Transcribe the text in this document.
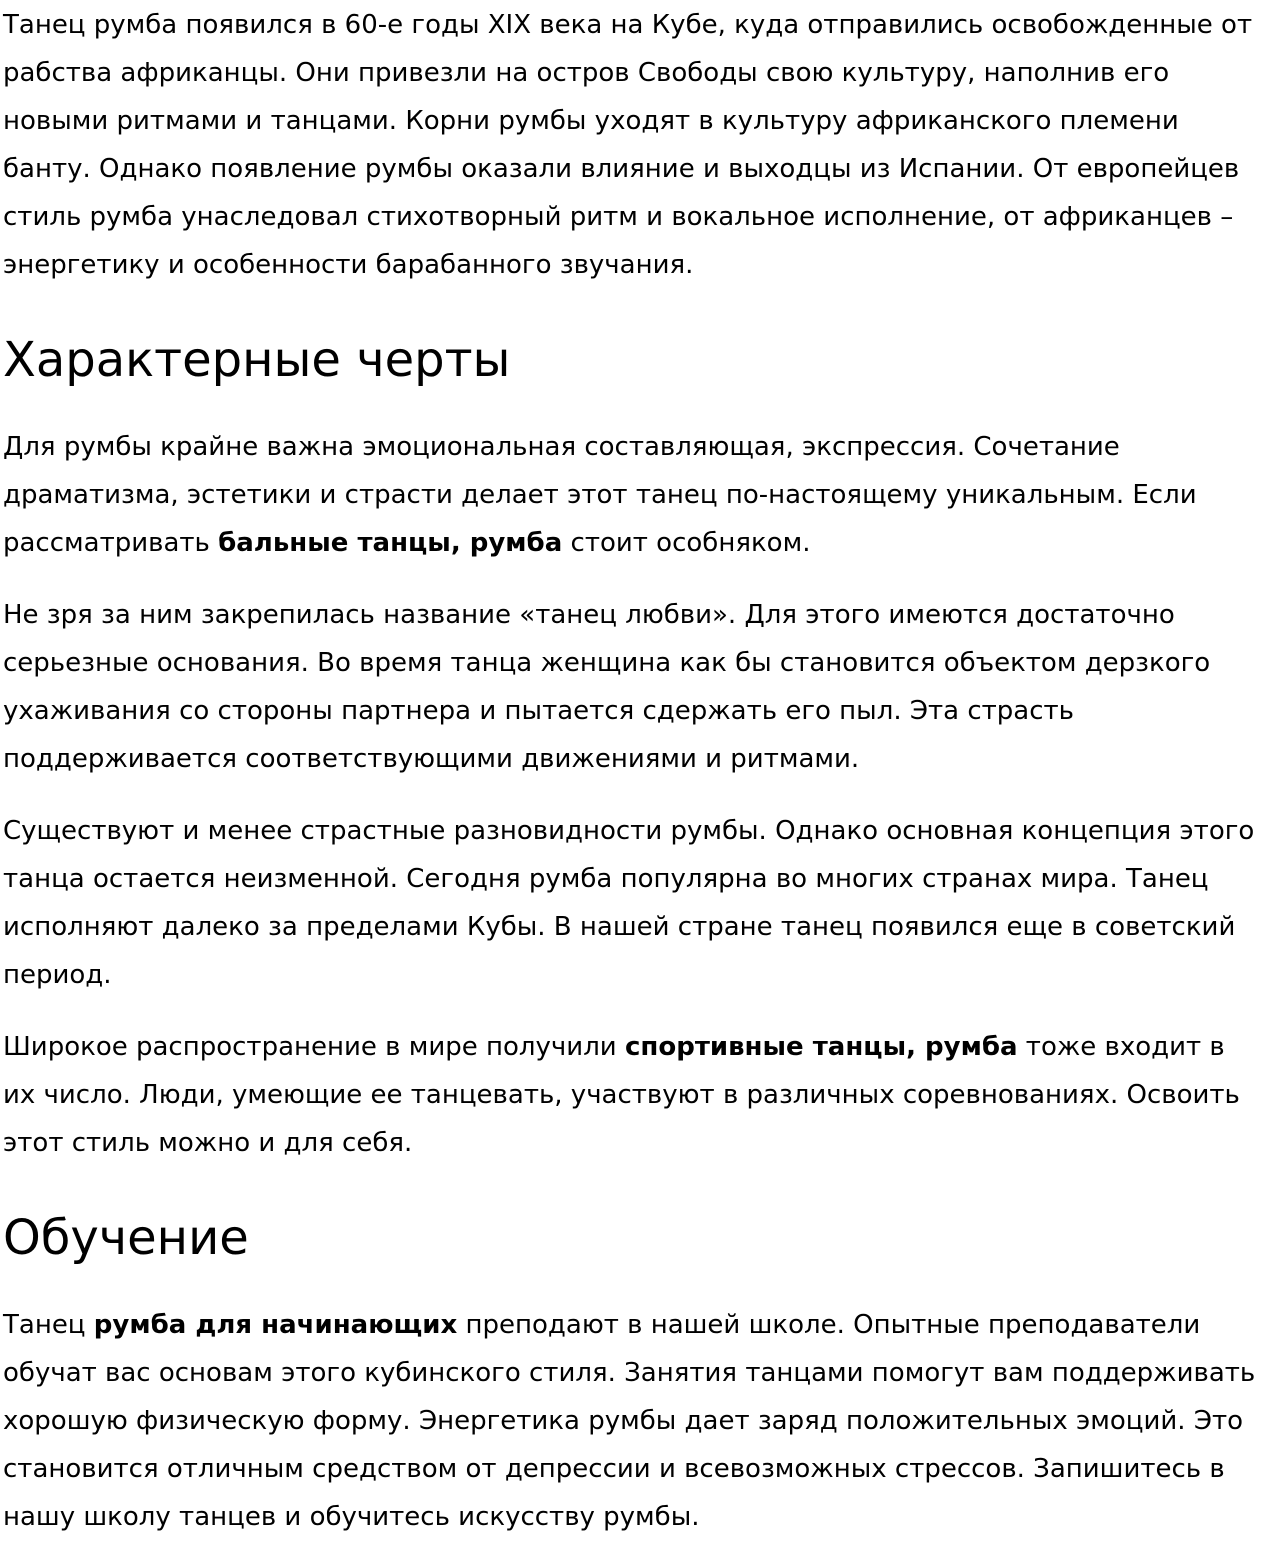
Танец румба появился в 60-е годы XIX века на Кубе, куда отправились освобожденные от рабства африканцы. Они привезли на остров Свободы свою культуру, наполнив его новыми ритмами и танцами. Корни румбы уходят в культуру африканского племени банту. Однако появление румбы оказали влияние и выходцы из Испании. От европейцев стиль румба унаследовал стихотворный ритм и вокальное исполнение, от африканцев – энергетику и особенности барабанного звучания.

Характерные черты

Для румбы крайне важна эмоциональная составляющая, экспрессия. Сочетание драматизма, эстетики и страсти делает этот танец по-настоящему уникальным. Если рассматривать бальные танцы, румба стоит особняком.

Не зря за ним закрепилась название «танец любви». Для этого имеются достаточно серьезные основания. Во время танца женщина как бы становится объектом дерзкого ухаживания со стороны партнера и пытается сдержать его пыл. Эта страсть поддерживается соответствующими движениями и ритмами.

Существуют и менее страстные разновидности румбы. Однако основная концепция этого танца остается неизменной. Сегодня румба популярна во многих странах мира. Танец исполняют далеко за пределами Кубы. В нашей стране танец появился еще в советский период.

Широкое распространение в мире получили спортивные танцы, румба тоже входит в их число. Люди, умеющие ее танцевать, участвуют в различных соревнованиях. Освоить этот стиль можно и для себя.

Обучение

Танец румба для начинающих преподают в нашей школе. Опытные преподаватели обучат вас основам этого кубинского стиля. Занятия танцами помогут вам поддерживать хорошую физическую форму. Энергетика румбы дает заряд положительных эмоций. Это становится отличным средством от депрессии и всевозможных стрессов. Запишитесь в нашу школу танцев и обучитесь искусству румбы.
